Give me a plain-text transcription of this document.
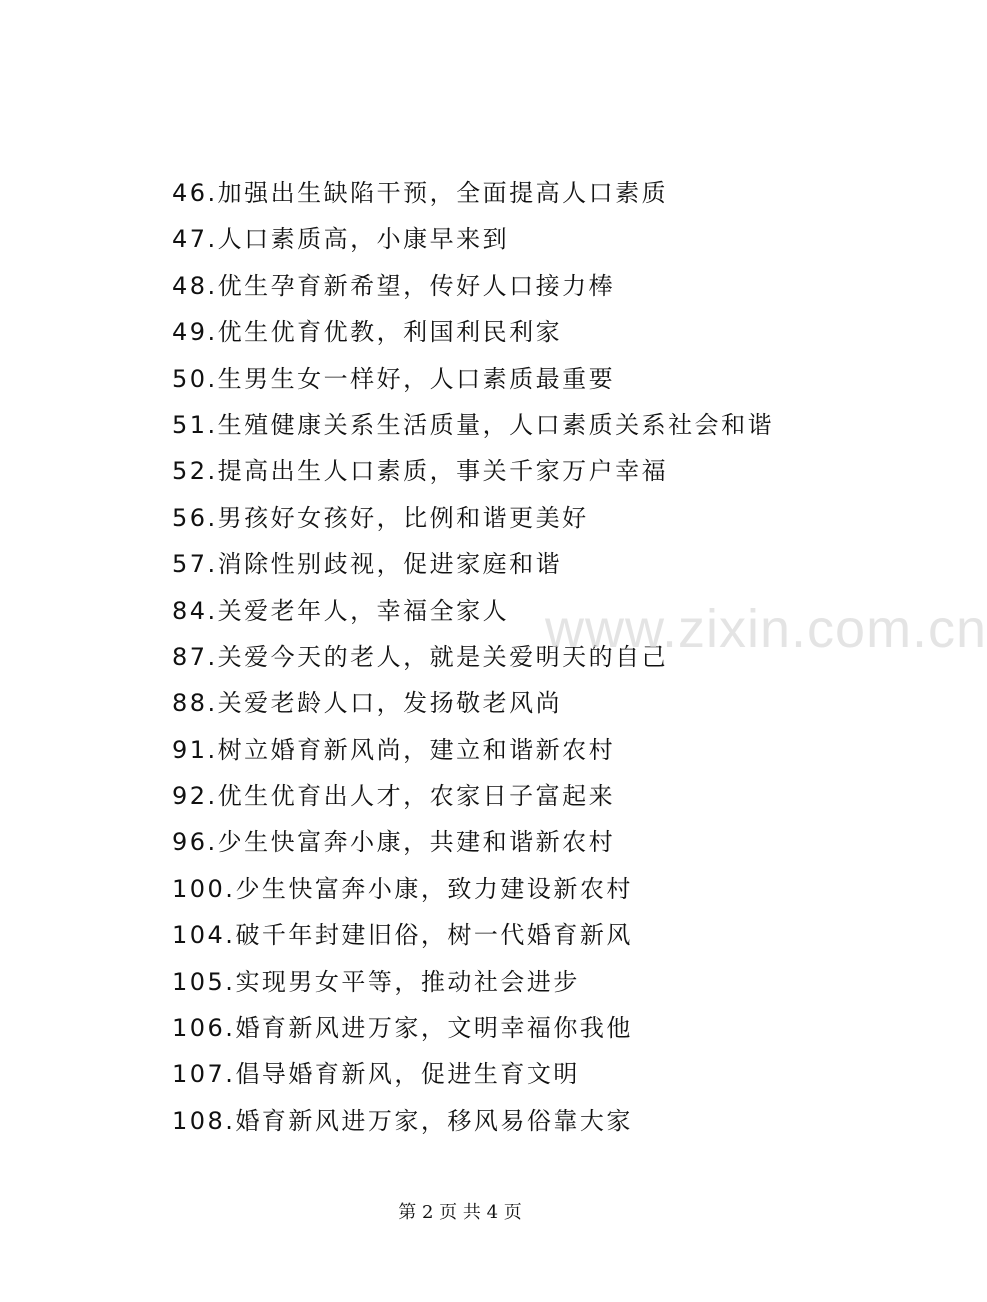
46.加强出生缺陷干预，全面提高人口素质
47.人口素质高，小康早来到
48.优生孕育新希望，传好人口接力棒
49.优生优育优教，利国利民利家
50.生男生女一样好，人口素质最重要
51.生殖健康关系生活质量，人口素质关系社会和谐
52.提高出生人口素质，事关千家万户幸福
56.男孩好女孩好，比例和谐更美好
57.消除性别歧视，促进家庭和谐
84.关爱老年人，幸福全家人
87.关爱今天的老人，就是关爱明天的自己
88.关爱老龄人口，发扬敬老风尚
91.树立婚育新风尚，建立和谐新农村
92.优生优育出人才，农家日子富起来
96.少生快富奔小康，共建和谐新农村
100.少生快富奔小康，致力建设新农村
104.破千年封建旧俗，树一代婚育新风
105.实现男女平等，推动社会进步
106.婚育新风进万家，文明幸福你我他
107.倡导婚育新风，促进生育文明
108.婚育新风进万家，移风易俗靠大家
www.zixin.com.cn
第 2 页 共 4 页
